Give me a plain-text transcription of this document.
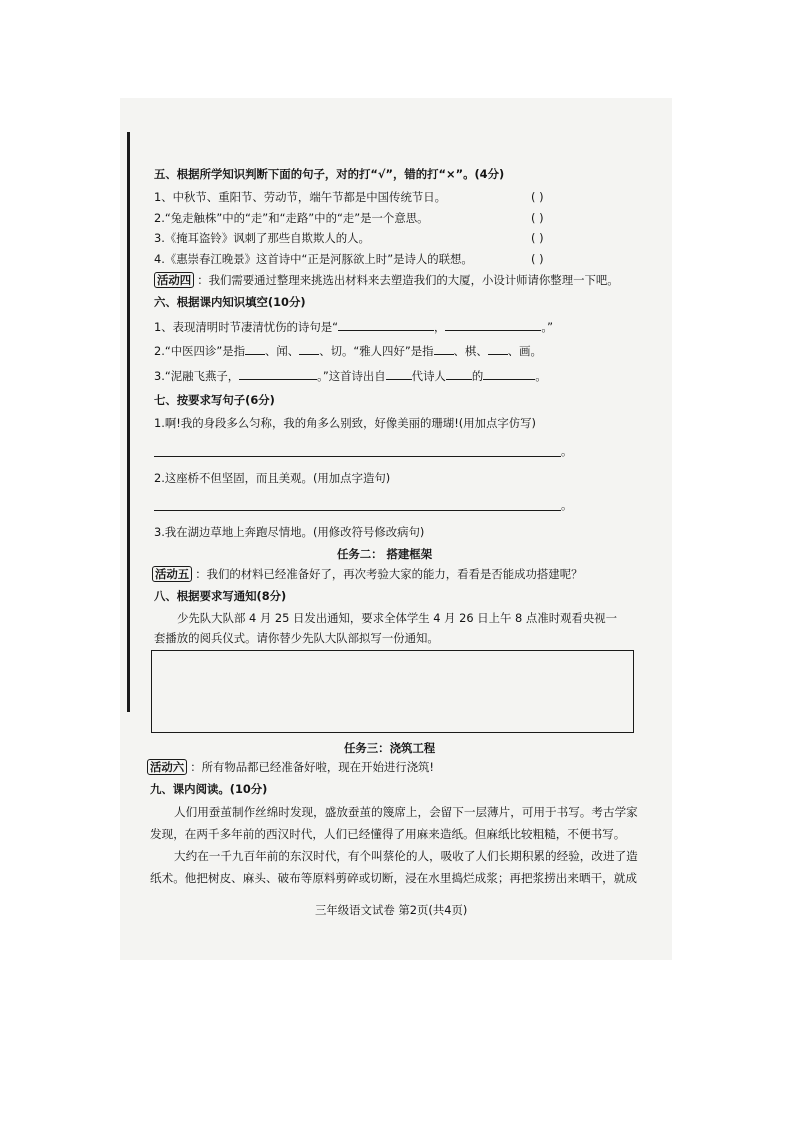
五、根据所学知识判断下面的句子，对的打“√”，错的打“×”。(4分)
1、中秋节、重阳节、劳动节，端午节都是中国传统节日。	( )
2.“兔走触株”中的“走”和“走路”中的“走”是一个意思。	( )
3.《掩耳盗铃》讽刺了那些自欺欺人的人。	( )
4.《惠崇春江晚景》这首诗中“正是河豚欲上时”是诗人的联想。	( )
活动四 ：我们需要通过整理来挑选出材料来去塑造我们的大厦，小设计师请你整理一下吧。
六、根据课内知识填空(10分)
1、表现清明时节凄清忧伤的诗句是“	，	。”
2.“中医四诊”是指 、闻、 、切。“雅人四好”是指 、棋、 、画。
3.“泥融飞燕子，	。”这首诗出自 代诗人 的	。
七、按要求写句子(6分)
1.啊!我的身段多么匀称，我的角多么别致，好像美丽的珊瑚!(用加点字仿写)
。
2.这座桥不但坚固，而且美观。(用加点字造句)
。
3.我在湖边草地上奔跑尽情地。(用修改符号修改病句)
任务二： 搭建框架
活动五 ：我们的材料已经准备好了，再次考验大家的能力，看看是否能成功搭建呢？
八、根据要求写通知(8分)
少先队大队部 4 月 25 日发出通知，要求全体学生 4 月 26 日上午 8 点准时观看央视一
套播放的阅兵仪式。请你替少先队大队部拟写一份通知。
任务三：浇筑工程
活动六 ：所有物品都已经准备好啦，现在开始进行浇筑!
九、课内阅读。(10分)
人们用蚕茧制作丝绵时发现，盛放蚕茧的篾席上，会留下一层薄片，可用于书写。考古学家
发现，在两千多年前的西汉时代，人们已经懂得了用麻来造纸。但麻纸比较粗糙，不便书写。
大约在一千九百年前的东汉时代，有个叫蔡伦的人，吸收了人们长期积累的经验，改进了造
纸术。他把树皮、麻头、破布等原料剪碎或切断，浸在水里捣烂成浆；再把浆捞出来晒干，就成
三年级语文试卷 第2页(共4页)
